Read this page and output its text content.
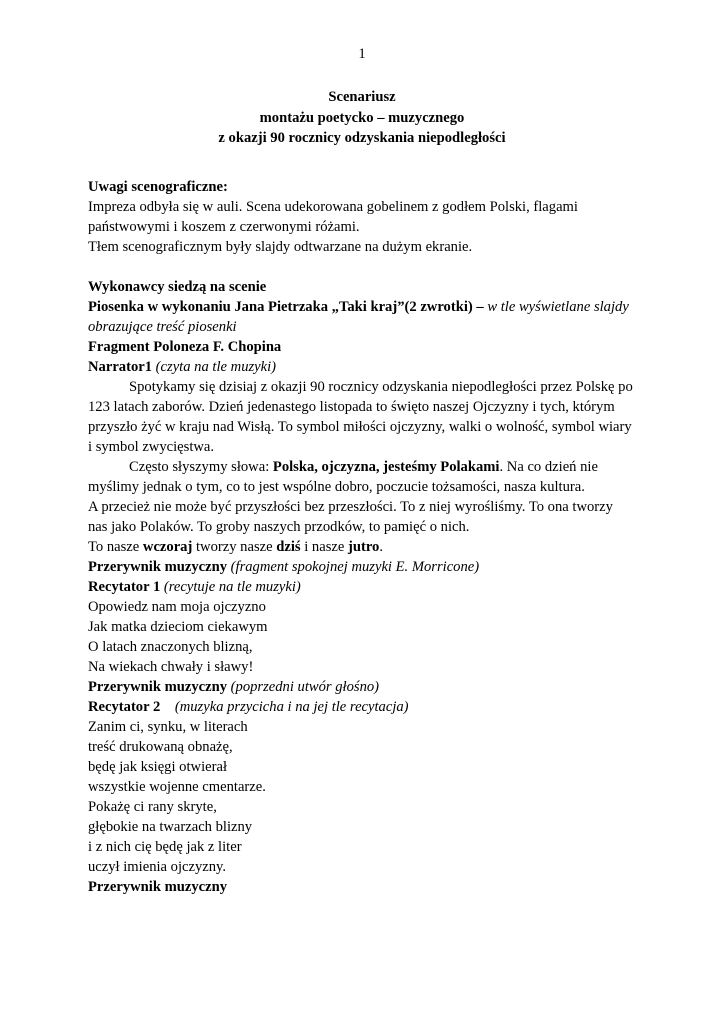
1
Scenariusz
montażu poetycko – muzycznego
z okazji 90 rocznicy odzyskania niepodległości
Uwagi scenograficzne:
Impreza odbyła się w auli. Scena udekorowana gobelinem z godłem Polski, flagami
państwowymi i koszem z czerwonymi różami.
Tłem scenograficznym były slajdy odtwarzane na dużym ekranie.
Wykonawcy siedzą na scenie
Piosenka w wykonaniu Jana Pietrzaka „Taki kraj”(2 zwrotki) – w tle wyświetlane slajdy
obrazujące treść piosenki
Fragment Poloneza F. Chopina
Narrator1 (czyta na tle muzyki)
Spotykamy się dzisiaj z okazji 90 rocznicy odzyskania niepodległości przez Polskę po
123 latach zaborów. Dzień jedenastego listopada to święto naszej Ojczyzny i tych, którym
przyszło żyć w kraju nad Wisłą. To symbol miłości ojczyzny, walki o wolność, symbol wiary
i symbol zwycięstwa.
Często słyszymy słowa: Polska, ojczyzna, jesteśmy Polakami. Na co dzień nie
myślimy jednak o tym, co to jest wspólne dobro, poczucie tożsamości, nasza kultura.
A przecież nie może być przyszłości bez przeszłości. To z niej wyrośliśmy. To ona tworzy
nas jako Polaków. To groby naszych przodków, to pamięć o nich.
To nasze wczoraj tworzy nasze dziś i nasze jutro.
Przerywnik muzyczny (fragment spokojnej muzyki E. Morricone)
Recytator 1 (recytuje na tle muzyki)
Opowiedz nam moja ojczyzno
Jak matka dzieciom ciekawym
O latach znaczonych blizną,
Na wiekach chwały i sławy!
Przerywnik muzyczny (poprzedni utwór głośno)
Recytator 2    (muzyka przycicha i na jej tle recytacja)
Zanim ci, synku, w literach
treść drukowaną obnażę,
będę jak księgi otwierał
wszystkie wojenne cmentarze.
Pokażę ci rany skryte,
głębokie na twarzach blizny
i z nich cię będę jak z liter
uczył imienia ojczyzny.
Przerywnik muzyczny
